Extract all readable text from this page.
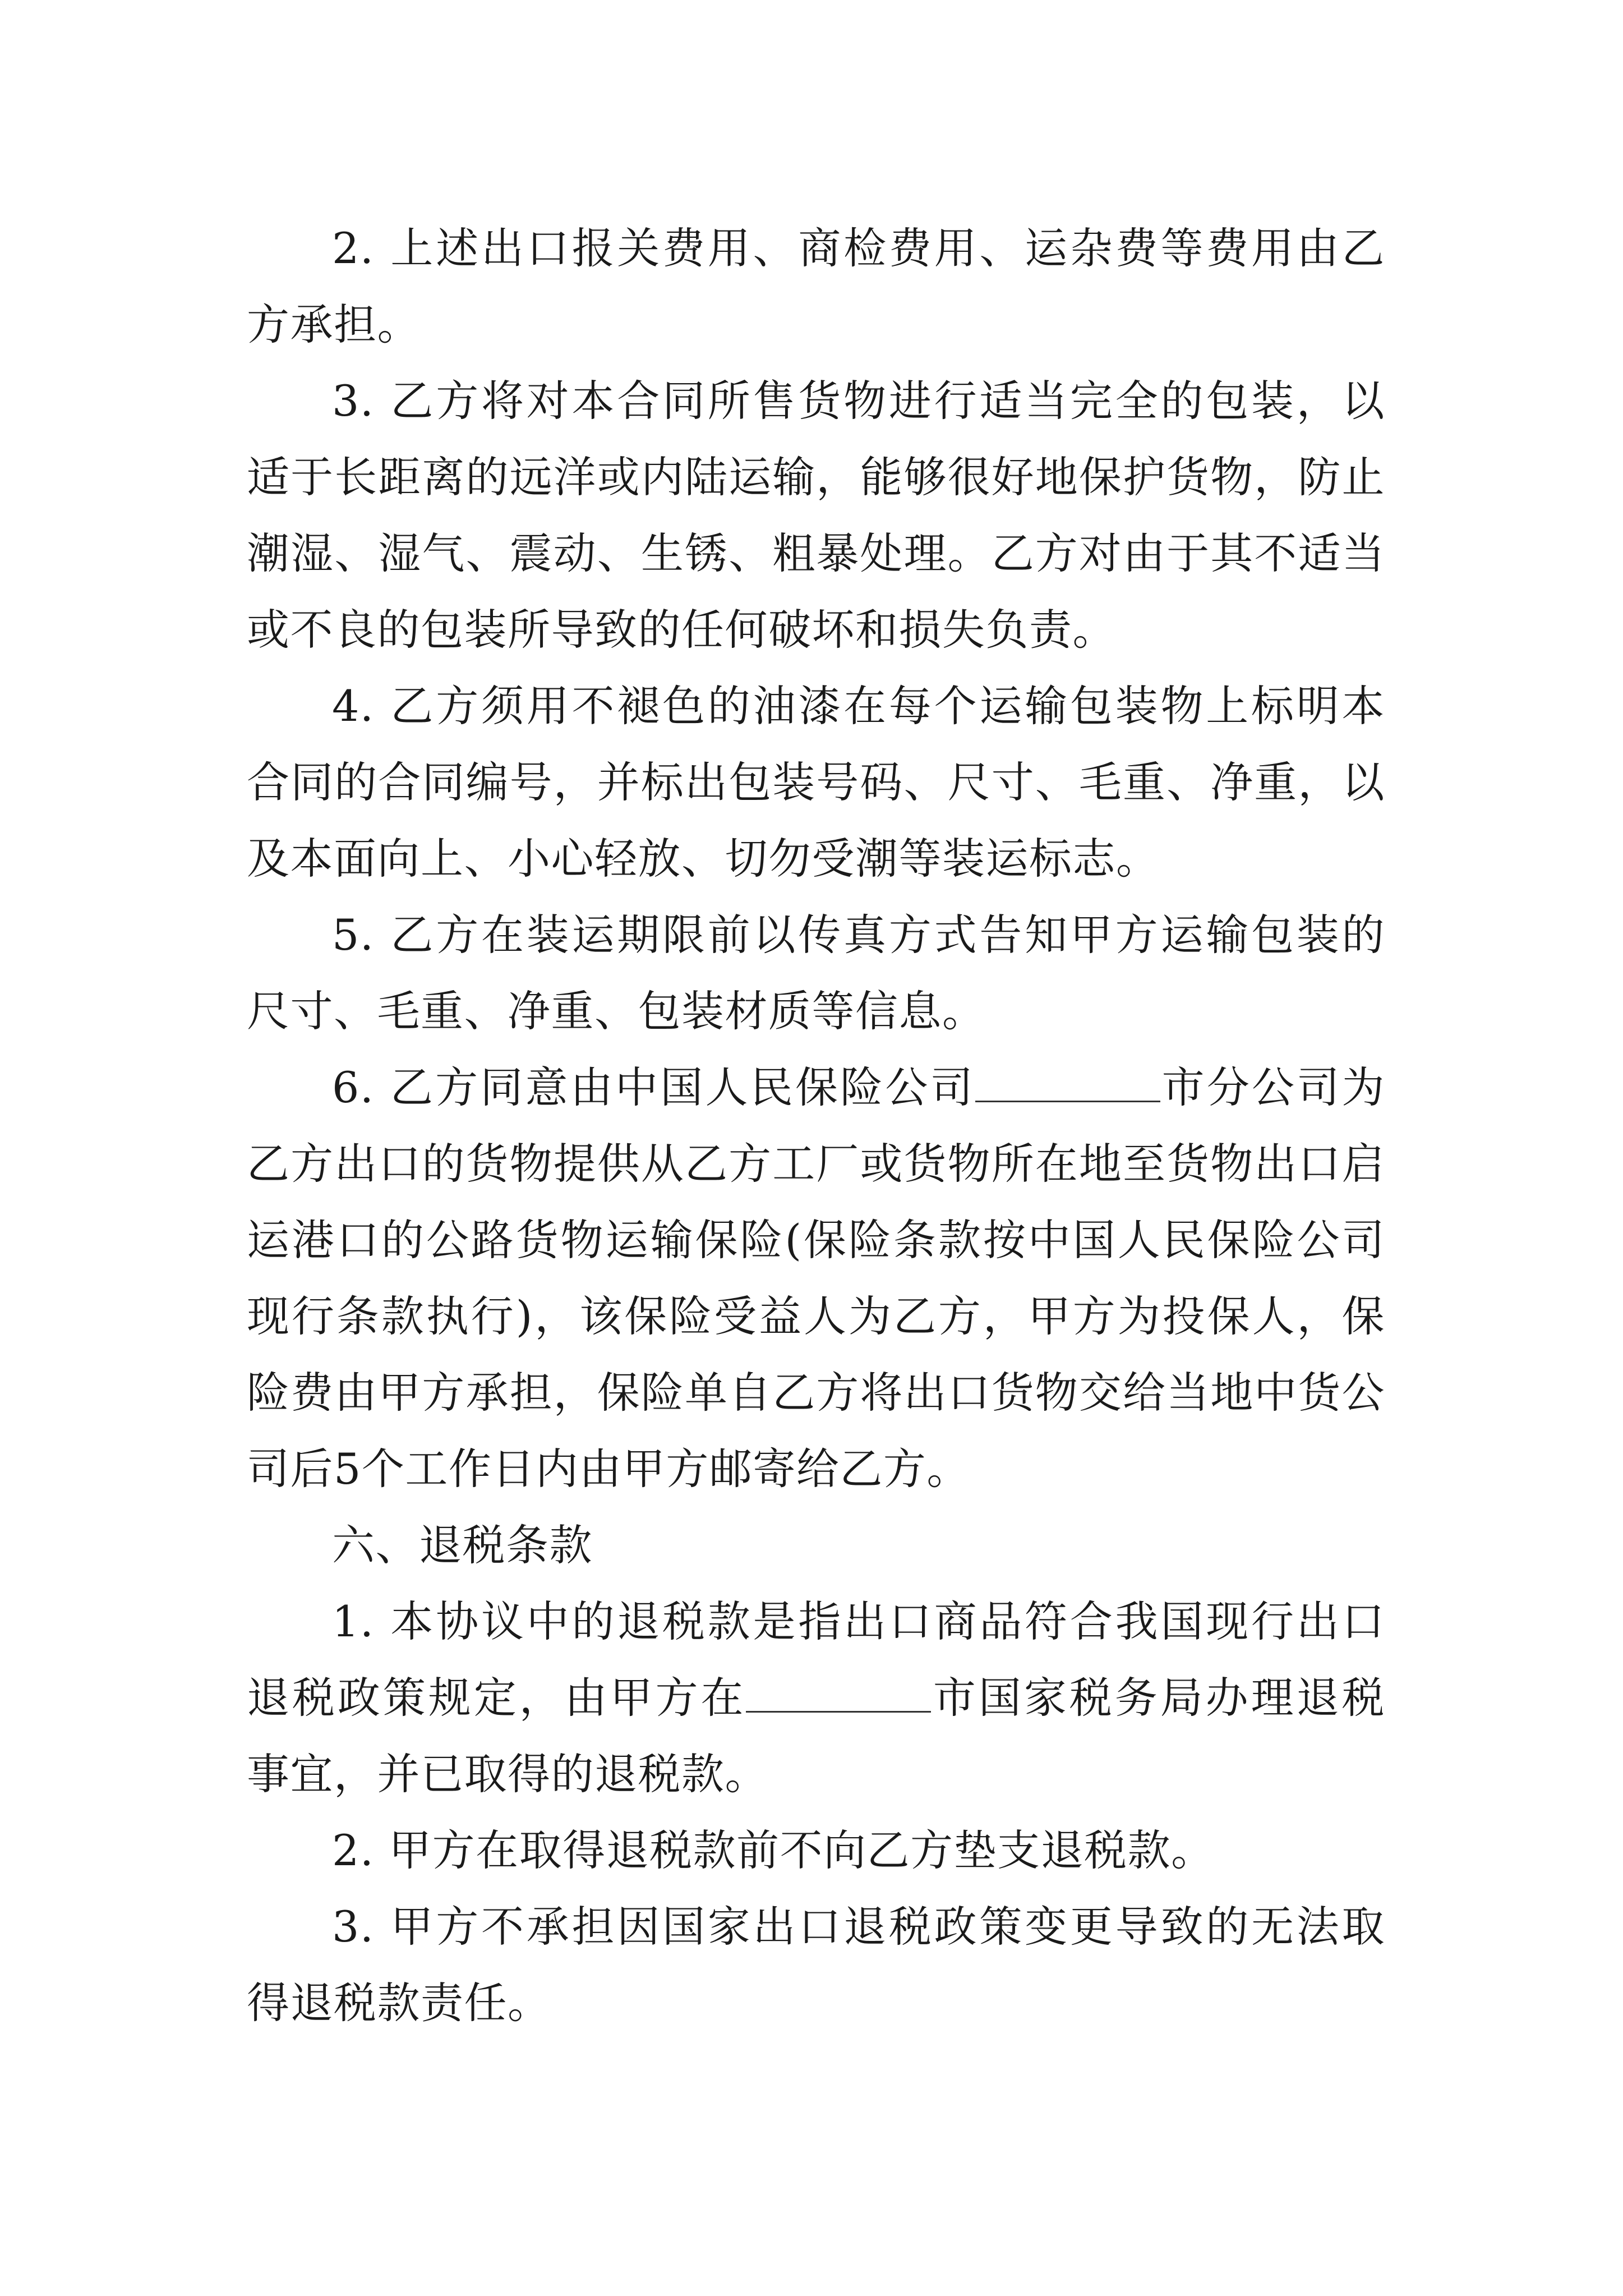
2. 上述出口报关费用、商检费用、运杂费等费用由乙方承担。

3. 乙方将对本合同所售货物进行适当完全的包装，以适于长距离的远洋或内陆运输，能够很好地保护货物，防止潮湿、湿气、震动、生锈、粗暴处理。乙方对由于其不适当或不良的包装所导致的任何破坏和损失负责。

4. 乙方须用不褪色的油漆在每个运输包装物上标明本合同的合同编号，并标出包装号码、尺寸、毛重、净重，以及本面向上、小心轻放、切勿受潮等装运标志。

5. 乙方在装运期限前以传真方式告知甲方运输包装的尺寸、毛重、净重、包装材质等信息。

6. 乙方同意由中国人民保险公司	市分公司为乙方出口的货物提供从乙方工厂或货物所在地至货物出口启运港口的公路货物运输保险(保险条款按中国人民保险公司现行条款执行)，该保险受益人为乙方，甲方为投保人，保险费由甲方承担，保险单自乙方将出口货物交给当地中货公司后5个工作日内由甲方邮寄给乙方。

六、退税条款

1. 本协议中的退税款是指出口商品符合我国现行出口退税政策规定，由甲方在	市国家税务局办理退税事宜，并已取得的退税款。

2. 甲方在取得退税款前不向乙方垫支退税款。

3. 甲方不承担因国家出口退税政策变更导致的无法取得退税款责任。
